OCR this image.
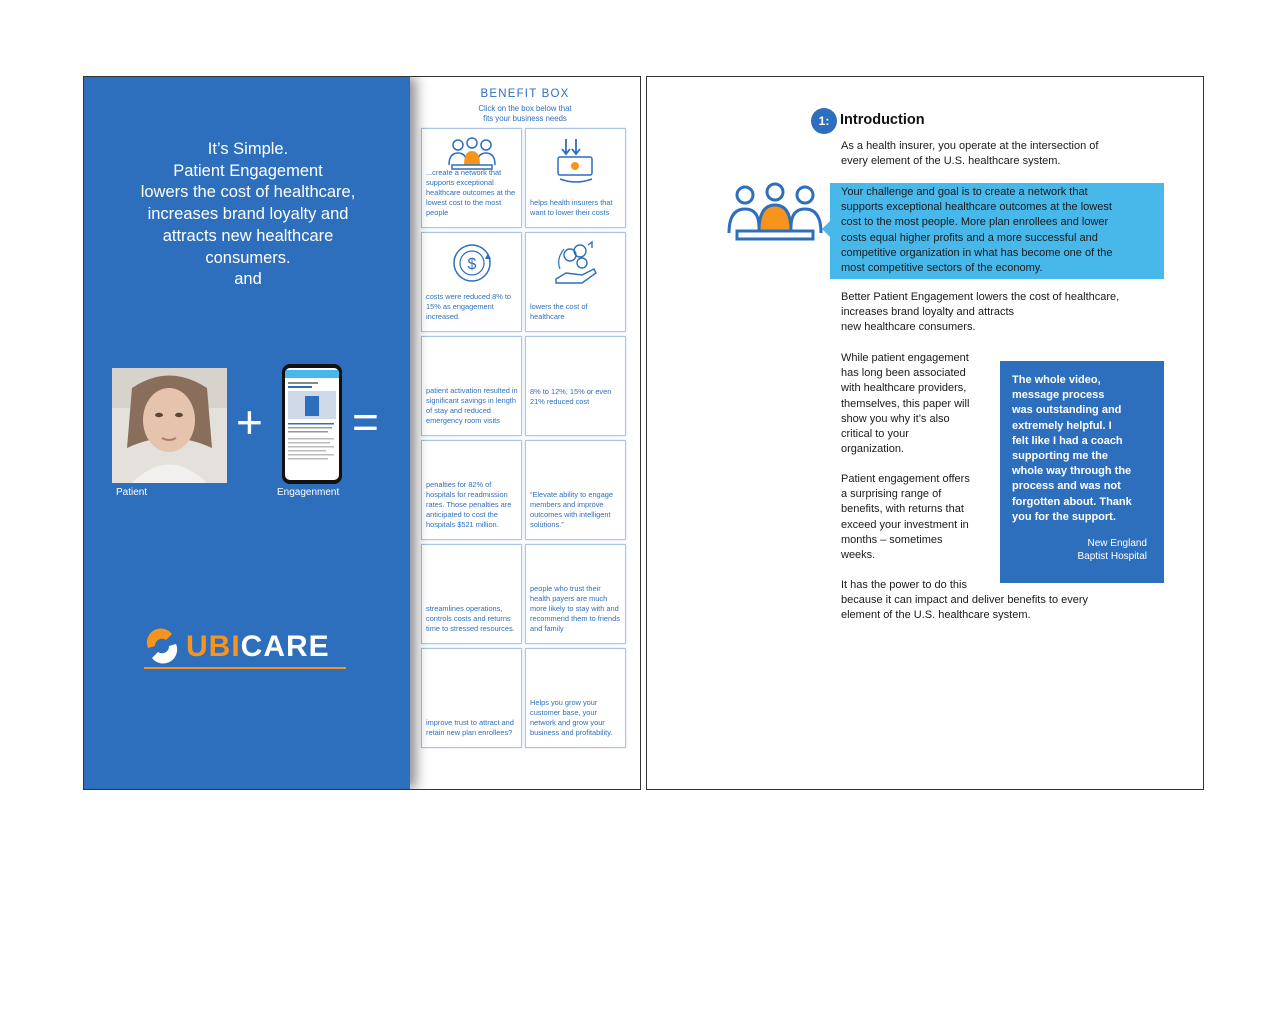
It’s Simple.
Patient Engagement
lowers the cost of healthcare,
increases brand loyalty and
attracts new healthcare
consumers.
and
Patient
+
Engagenment
=
UBICARE
BENEFIT BOX
Click on the box below that
fits your business needs
...create a network that supports exceptional healthcare outcomes at the lowest cost to the most people
helps health insurers that want to lower their costs
$
costs were reduced 8% to 15% as engagement increased.
lowers the cost of healthcare
patient activation resulted in significant savings in length of stay and reduced emergency room visits
8% to 12%, 15% or even 21% reduced cost
penalties for 82% of hospitals for readmission rates. Those penalties are anticipated to cost the hospitals $521 million.
“Elevate ability to engage members and improve outcomes with intelligent solutions.”
streamlines operations, controls costs and returns time to stressed resources.
people who trust their health payers are much more likely to stay with and recommend them to friends and family
improve trust to attract and retain new plan enrollees?
Helps you grow your customer base, your network and grow your business and profitability.
1: Introduction
As a health insurer, you operate at the intersection of
every element of the U.S. healthcare system.
Your challenge and goal is to create a network that
supports exceptional healthcare outcomes at the lowest
cost to the most people. More plan enrollees and lower
costs equal higher profits and a more successful and
competitive organization in what has become one of the
most competitive sectors of the economy.
Better Patient Engagement lowers the cost of healthcare,
increases brand loyalty and attracts
new healthcare consumers.
While patient engagement
has long been associated
with healthcare providers,
themselves, this paper will
show you why it’s also
critical to your
organization.
Patient engagement offers
a surprising range of
benefits, with returns that
exceed your investment in
months – sometimes
weeks.
It has the power to do this
because it can impact and deliver benefits to every
element of the U.S. healthcare system.
The whole video,
message process
was outstanding and
extremely helpful. I
felt like I had a coach
supporting me the
whole way through the
process and was not
forgotten about. Thank
you for the support.
New England
Baptist Hospital
